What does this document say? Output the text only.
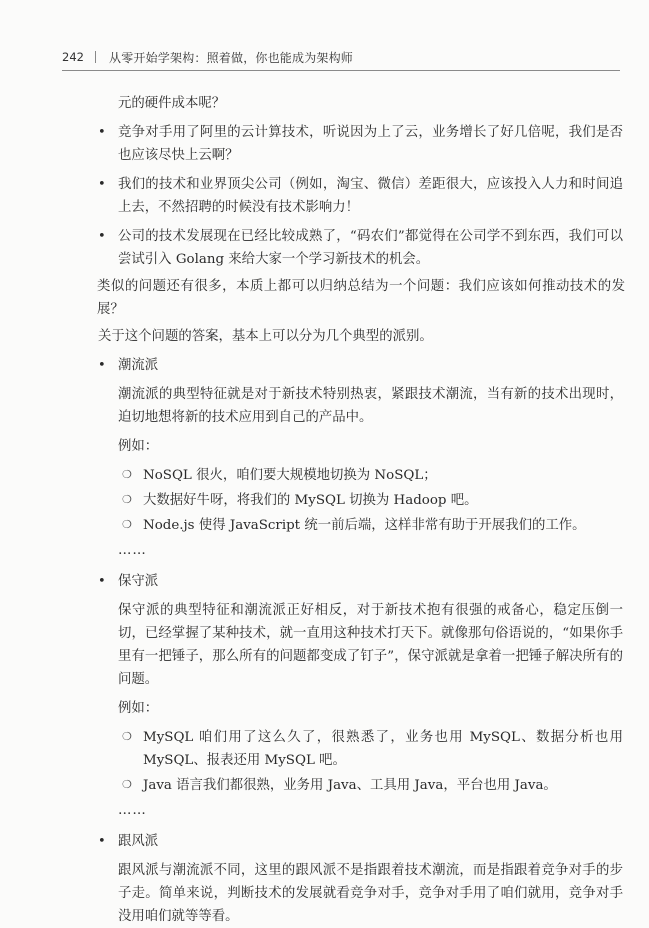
242 从零开始学架构：照着做，你也能成为架构师

元的硬件成本呢？

• 竞争对手用了阿里的云计算技术，听说因为上了云，业务增长了好几倍呢，我们是否也应该尽快上云啊？
• 我们的技术和业界顶尖公司（例如，淘宝、微信）差距很大，应该投入人力和时间追上去，不然招聘的时候没有技术影响力！
• 公司的技术发展现在已经比较成熟了，“码农们”都觉得在公司学不到东西，我们可以尝试引入 Golang 来给大家一个学习新技术的机会。

类似的问题还有很多，本质上都可以归纳总结为一个问题：我们应该如何推动技术的发展？

关于这个问题的答案，基本上可以分为几个典型的派别。

• 潮流派

潮流派的典型特征就是对于新技术特别热衷，紧跟技术潮流，当有新的技术出现时，迫切地想将新的技术应用到自己的产品中。

例如：

❍ NoSQL 很火，咱们要大规模地切换为 NoSQL；
❍ 大数据好牛呀，将我们的 MySQL 切换为 Hadoop 吧。
❍ Node.js 使得 JavaScript 统一前后端，这样非常有助于开展我们的工作。

……

• 保守派

保守派的典型特征和潮流派正好相反，对于新技术抱有很强的戒备心，稳定压倒一切，已经掌握了某种技术，就一直用这种技术打天下。就像那句俗语说的，“如果你手里有一把锤子，那么所有的问题都变成了钉子”，保守派就是拿着一把锤子解决所有的问题。

例如：

❍ MySQL 咱们用了这么久了，很熟悉了，业务也用 MySQL、数据分析也用 MySQL、报表还用 MySQL 吧。
❍ Java 语言我们都很熟，业务用 Java、工具用 Java，平台也用 Java。

……

• 跟风派

跟风派与潮流派不同，这里的跟风派不是指跟着技术潮流，而是指跟着竞争对手的步子走。简单来说，判断技术的发展就看竞争对手，竞争对手用了咱们就用，竞争对手没用咱们就等等看。
